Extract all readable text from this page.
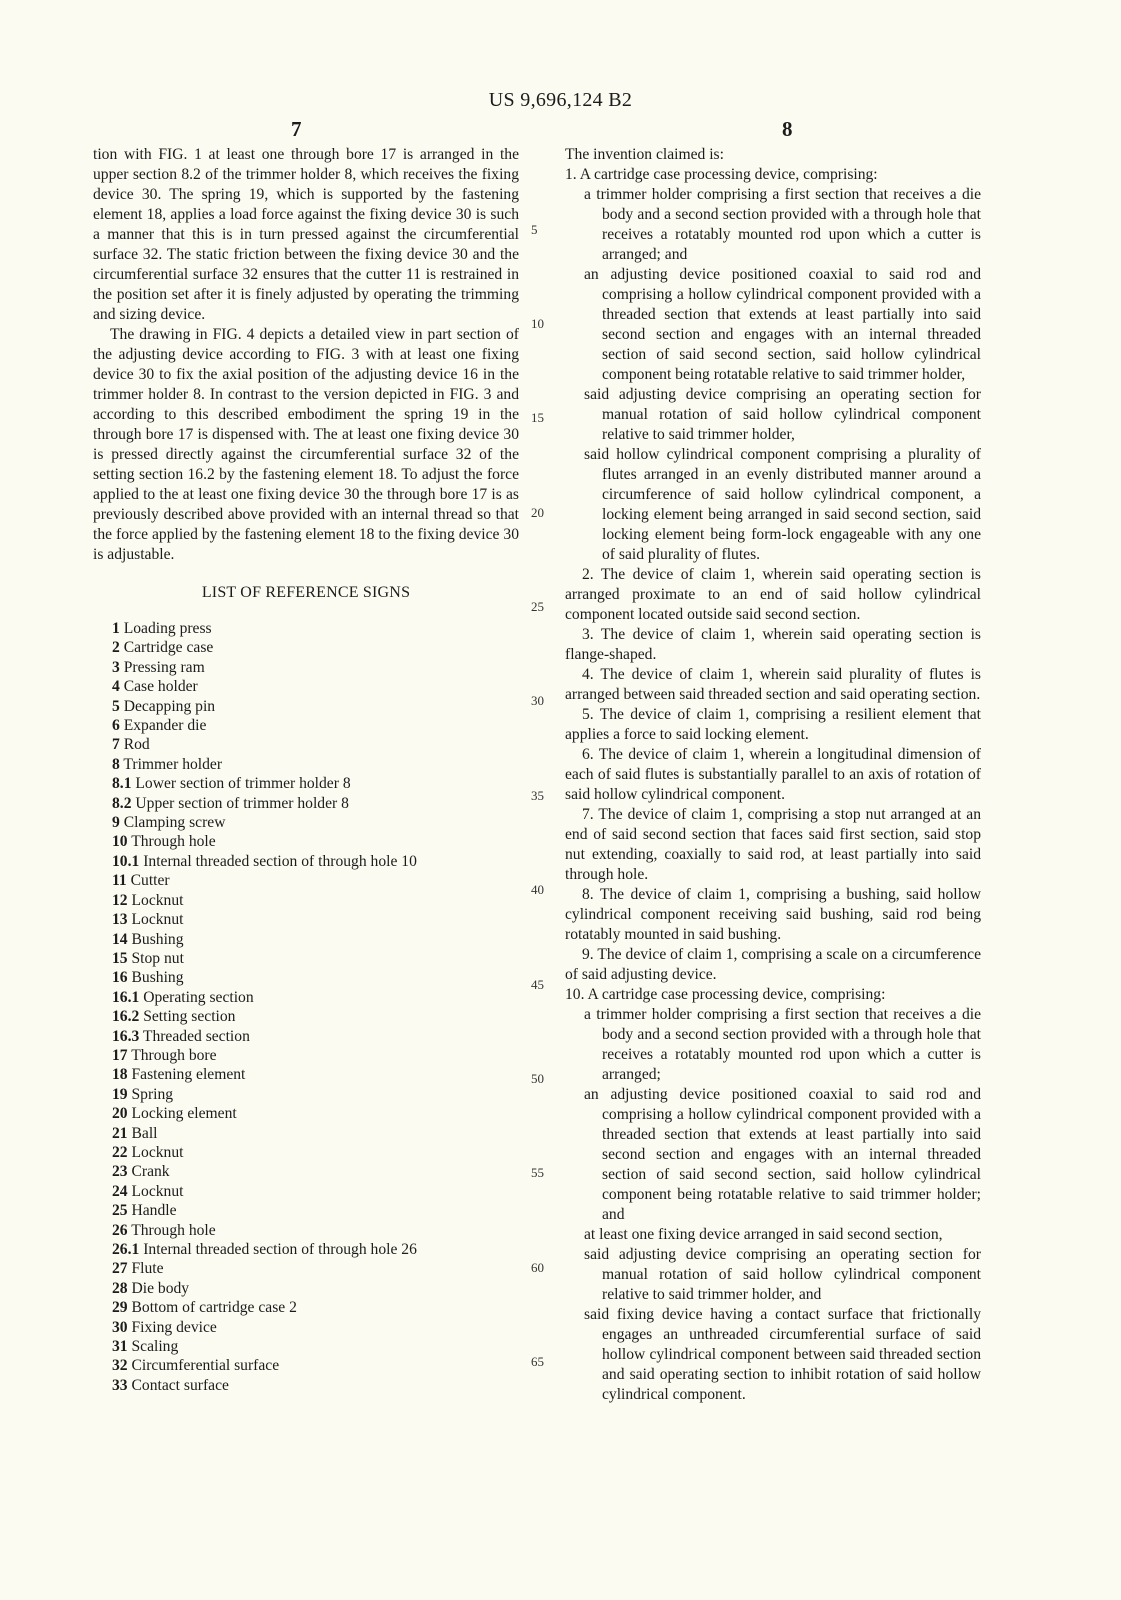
US 9,696,124 B2
7	8

tion with FIG. 1 at least one through bore 17 is arranged in the upper section 8.2 of the trimmer holder 8, which receives the fixing device 30. The spring 19, which is supported by the fastening element 18, applies a load force against the fixing device 30 is such a manner that this is in turn pressed against the circumferential surface 32. The static friction between the fixing device 30 and the circumferential surface 32 ensures that the cutter 11 is restrained in the position set after it is finely adjusted by operating the trimming and sizing device.

The drawing in FIG. 4 depicts a detailed view in part section of the adjusting device according to FIG. 3 with at least one fixing device 30 to fix the axial position of the adjusting device 16 in the trimmer holder 8. In contrast to the version depicted in FIG. 3 and according to this described embodiment the spring 19 in the through bore 17 is dispensed with. The at least one fixing device 30 is pressed directly against the circumferential surface 32 of the setting section 16.2 by the fastening element 18. To adjust the force applied to the at least one fixing device 30 the through bore 17 is as previously described above provided with an internal thread so that the force applied by the fastening element 18 to the fixing device 30 is adjustable.

LIST OF REFERENCE SIGNS
1 Loading press
2 Cartridge case
3 Pressing ram
4 Case holder
5 Decapping pin
6 Expander die
7 Rod
8 Trimmer holder
8.1 Lower section of trimmer holder 8
8.2 Upper section of trimmer holder 8
9 Clamping screw
10 Through hole
10.1 Internal threaded section of through hole 10
11 Cutter
12 Locknut
13 Locknut
14 Bushing
15 Stop nut
16 Bushing
16.1 Operating section
16.2 Setting section
16.3 Threaded section
17 Through bore
18 Fastening element
19 Spring
20 Locking element
21 Ball
22 Locknut
23 Crank
24 Locknut
25 Handle
26 Through hole
26.1 Internal threaded section of through hole 26
27 Flute
28 Die body
29 Bottom of cartridge case 2
30 Fixing device
31 Scaling
32 Circumferential surface
33 Contact surface
5
10
15
20
25
30
35
40
45
50
55
60
65

The invention claimed is:

1. A cartridge case processing device, comprising:

a trimmer holder comprising a first section that receives a die body and a second section provided with a through hole that receives a rotatably mounted rod upon which a cutter is arranged; and

an adjusting device positioned coaxial to said rod and comprising a hollow cylindrical component provided with a threaded section that extends at least partially into said second section and engages with an internal threaded section of said second section, said hollow cylindrical component being rotatable relative to said trimmer holder,

said adjusting device comprising an operating section for manual rotation of said hollow cylindrical component relative to said trimmer holder,

said hollow cylindrical component comprising a plurality of flutes arranged in an evenly distributed manner around a circumference of said hollow cylindrical component, a locking element being arranged in said second section, said locking element being form-lock engageable with any one of said plurality of flutes.

2. The device of claim 1, wherein said operating section is arranged proximate to an end of said hollow cylindrical component located outside said second section.

3. The device of claim 1, wherein said operating section is flange-shaped.

4. The device of claim 1, wherein said plurality of flutes is arranged between said threaded section and said operating section.

5. The device of claim 1, comprising a resilient element that applies a force to said locking element.

6. The device of claim 1, wherein a longitudinal dimension of each of said flutes is substantially parallel to an axis of rotation of said hollow cylindrical component.

7. The device of claim 1, comprising a stop nut arranged at an end of said second section that faces said first section, said stop nut extending, coaxially to said rod, at least partially into said through hole.

8. The device of claim 1, comprising a bushing, said hollow cylindrical component receiving said bushing, said rod being rotatably mounted in said bushing.

9. The device of claim 1, comprising a scale on a circumference of said adjusting device.

10. A cartridge case processing device, comprising:

a trimmer holder comprising a first section that receives a die body and a second section provided with a through hole that receives a rotatably mounted rod upon which a cutter is arranged;

an adjusting device positioned coaxial to said rod and comprising a hollow cylindrical component provided with a threaded section that extends at least partially into said second section and engages with an internal threaded section of said second section, said hollow cylindrical component being rotatable relative to said trimmer holder; and

at least one fixing device arranged in said second section,

said adjusting device comprising an operating section for manual rotation of said hollow cylindrical component relative to said trimmer holder, and

said fixing device having a contact surface that frictionally engages an unthreaded circumferential surface of said hollow cylindrical component between said threaded section and said operating section to inhibit rotation of said hollow cylindrical component.
